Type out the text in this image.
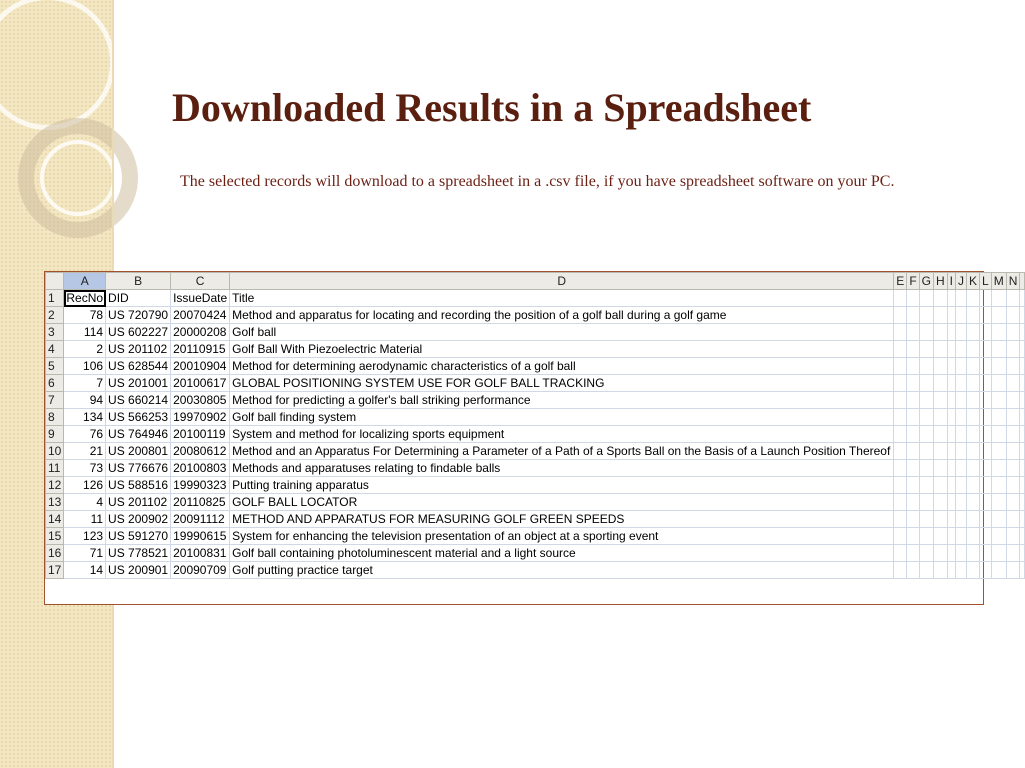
Downloaded Results in a Spreadsheet
The selected records will download to a spreadsheet in a .csv file, if you have spreadsheet software on your PC.
	A	B	C	D	E	F	G	H	I	J	K	L	M	N	
1	RecNo	DID	IssueDate	Title											
2	78	US 720790	20070424	Method and apparatus for locating and recording the position of a golf ball during a golf game											
3	114	US 602227	20000208	Golf ball											
4	2	US 201102	20110915	Golf Ball With Piezoelectric Material											
5	106	US 628544	20010904	Method for determining aerodynamic characteristics of a golf ball											
6	7	US 201001	20100617	GLOBAL POSITIONING SYSTEM USE FOR GOLF BALL TRACKING											
7	94	US 660214	20030805	Method for predicting a golfer's ball striking performance											
8	134	US 566253	19970902	Golf ball finding system											
9	76	US 764946	20100119	System and method for localizing sports equipment											
10	21	US 200801	20080612	Method and an Apparatus For Determining a Parameter of a Path of a Sports Ball on the Basis of a Launch Position Thereof											
11	73	US 776676	20100803	Methods and apparatuses relating to findable balls											
12	126	US 588516	19990323	Putting training apparatus											
13	4	US 201102	20110825	GOLF BALL LOCATOR											
14	11	US 200902	20091112	METHOD AND APPARATUS FOR MEASURING GOLF GREEN SPEEDS											
15	123	US 591270	19990615	System for enhancing the television presentation of an object at a sporting event											
16	71	US 778521	20100831	Golf ball containing photoluminescent material and a light source											
17	14	US 200901	20090709	Golf putting practice target											
